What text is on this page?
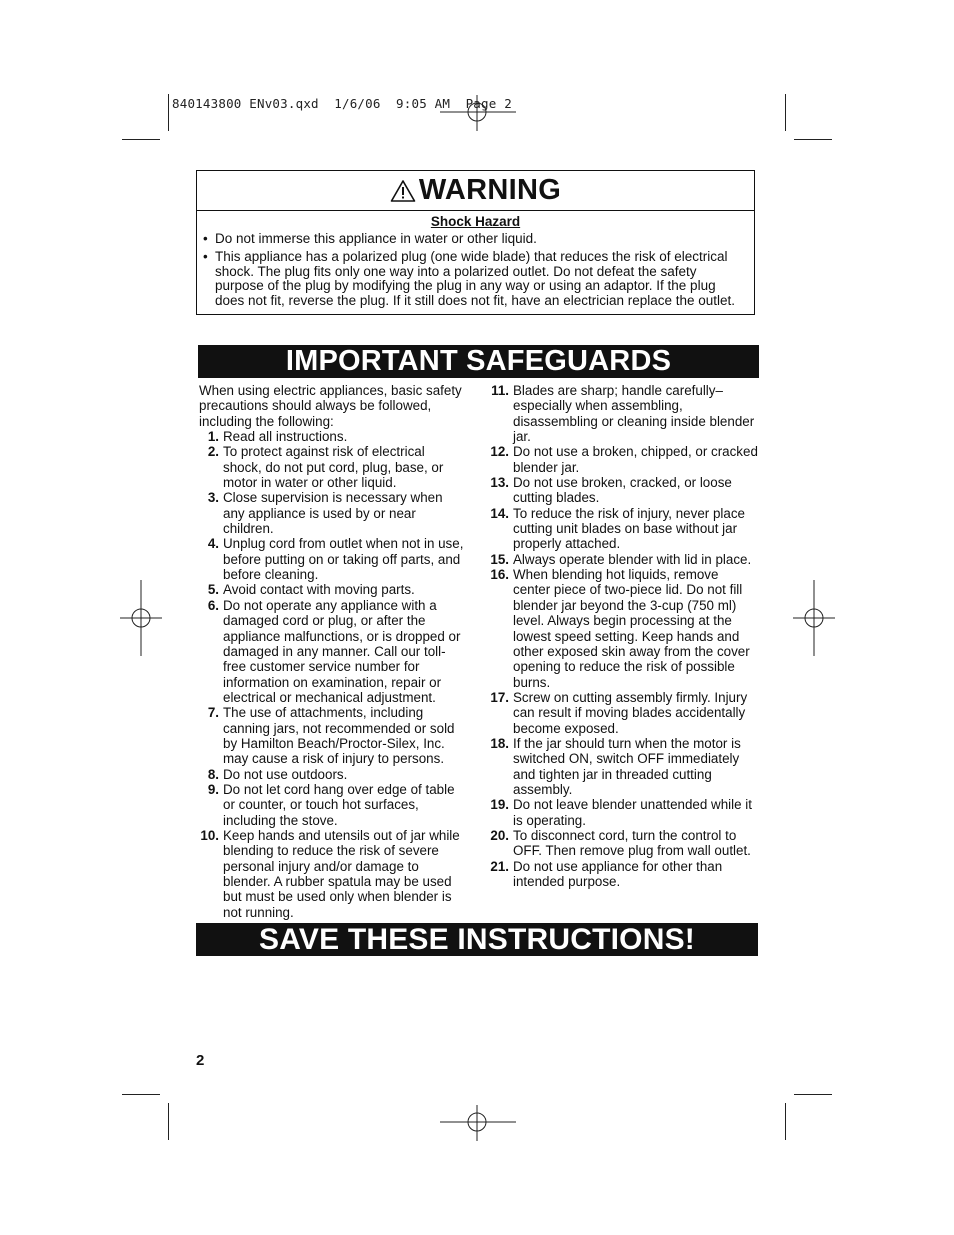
840143800 ENv03.qxd  1/6/06  9:05 AM  Page 2
WARNING
Shock Hazard
• Do not immerse this appliance in water or other liquid.
• This appliance has a polarized plug (one wide blade) that reduces the risk of electrical shock. The plug fits only one way into a polarized outlet. Do not defeat the safety purpose of the plug by modifying the plug in any way or using an adaptor. If the plug does not fit, reverse the plug. If it still does not fit, have an electrician replace the outlet.
IMPORTANT SAFEGUARDS

When using electric appliances, basic safety precautions should always be followed, including the following:

1. Read all instructions.
2. To protect against risk of electrical shock, do not put cord, plug, base, or motor in water or other liquid.
3. Close supervision is necessary when any appliance is used by or near children.
4. Unplug cord from outlet when not in use, before putting on or taking off parts, and before cleaning.
5. Avoid contact with moving parts.
6. Do not operate any appliance with a damaged cord or plug, or after the appliance malfunctions, or is dropped or damaged in any manner. Call our toll-free customer service number for information on examination, repair or electrical or mechanical adjustment.
7. The use of attachments, including canning jars, not recommended or sold by Hamilton Beach/Proctor-Silex, Inc. may cause a risk of injury to persons.
8. Do not use outdoors.
9. Do not let cord hang over edge of table or counter, or touch hot surfaces, including the stove.
10. Keep hands and utensils out of jar while blending to reduce the risk of severe personal injury and/or damage to blender. A rubber spatula may be used but must be used only when blender is not running.
11. Blades are sharp; handle carefully– especially when assembling, disassembling or cleaning inside blender jar.
12. Do not use a broken, chipped, or cracked blender jar.
13. Do not use broken, cracked, or loose cutting blades.
14. To reduce the risk of injury, never place cutting unit blades on base without jar properly attached.
15. Always operate blender with lid in place.
16. When blending hot liquids, remove center piece of two-piece lid. Do not fill blender jar beyond the 3-cup (750 ml) level. Always begin processing at the lowest speed setting. Keep hands and other exposed skin away from the cover opening to reduce the risk of possible burns.
17. Screw on cutting assembly firmly. Injury can result if moving blades accidentally become exposed.
18. If the jar should turn when the motor is switched ON, switch OFF immediately and tighten jar in threaded cutting assembly.
19. Do not leave blender unattended while it is operating.
20. To disconnect cord, turn the control to OFF. Then remove plug from wall outlet.
21. Do not use appliance for other than intended purpose.
SAVE THESE INSTRUCTIONS!
2
